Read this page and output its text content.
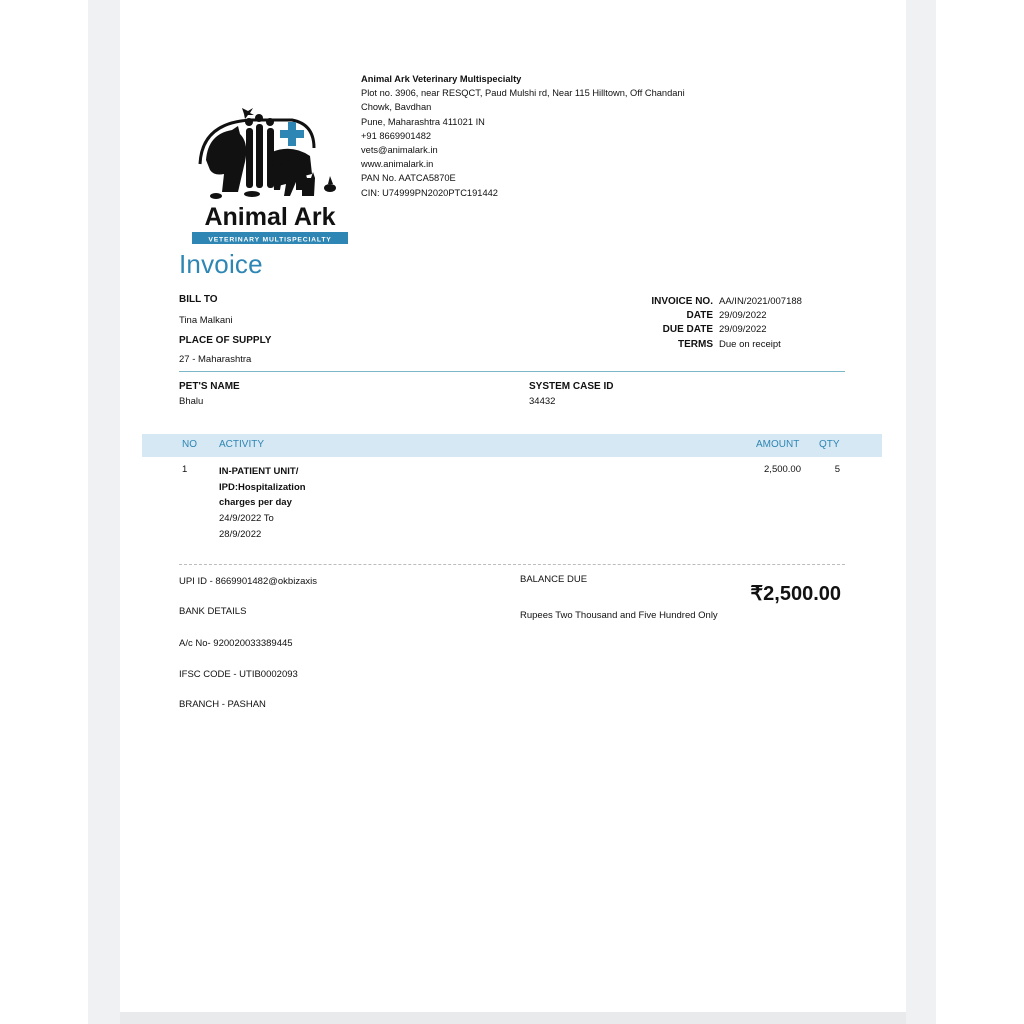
Animal Ark
VETERINARY MULTISPECIALTY
Animal Ark Veterinary Multispecialty
Plot no. 3906, near RESQCT, Paud Mulshi rd, Near 115 Hilltown, Off Chandani
Chowk, Bavdhan
Pune, Maharashtra 411021 IN
+91 8669901482
vets@animalark.in
www.animalark.in
PAN No. AATCA5870E
CIN: U74999PN2020PTC191442
Invoice
BILL TO
Tina Malkani
PLACE OF SUPPLY
27 - Maharashtra
INVOICE NO. AA/IN/2021/007188
DATE 29/09/2022
DUE DATE 29/09/2022
TERMS Due on receipt
PET'S NAME
Bhalu
SYSTEM CASE ID
34432
NO ACTIVITY	AMOUNT QTY
1	IN-PATIENT UNIT/
IPD:Hospitalization
charges per day
24/9/2022 To
28/9/2022
2,500.00	5
UPI ID - 8669901482@okbizaxis
BANK DETAILS
A/c No- 920020033389445
IFSC CODE - UTIB0002093
BRANCH - PASHAN
BALANCE DUE
₹2,500.00
Rupees Two Thousand and Five Hundred Only
